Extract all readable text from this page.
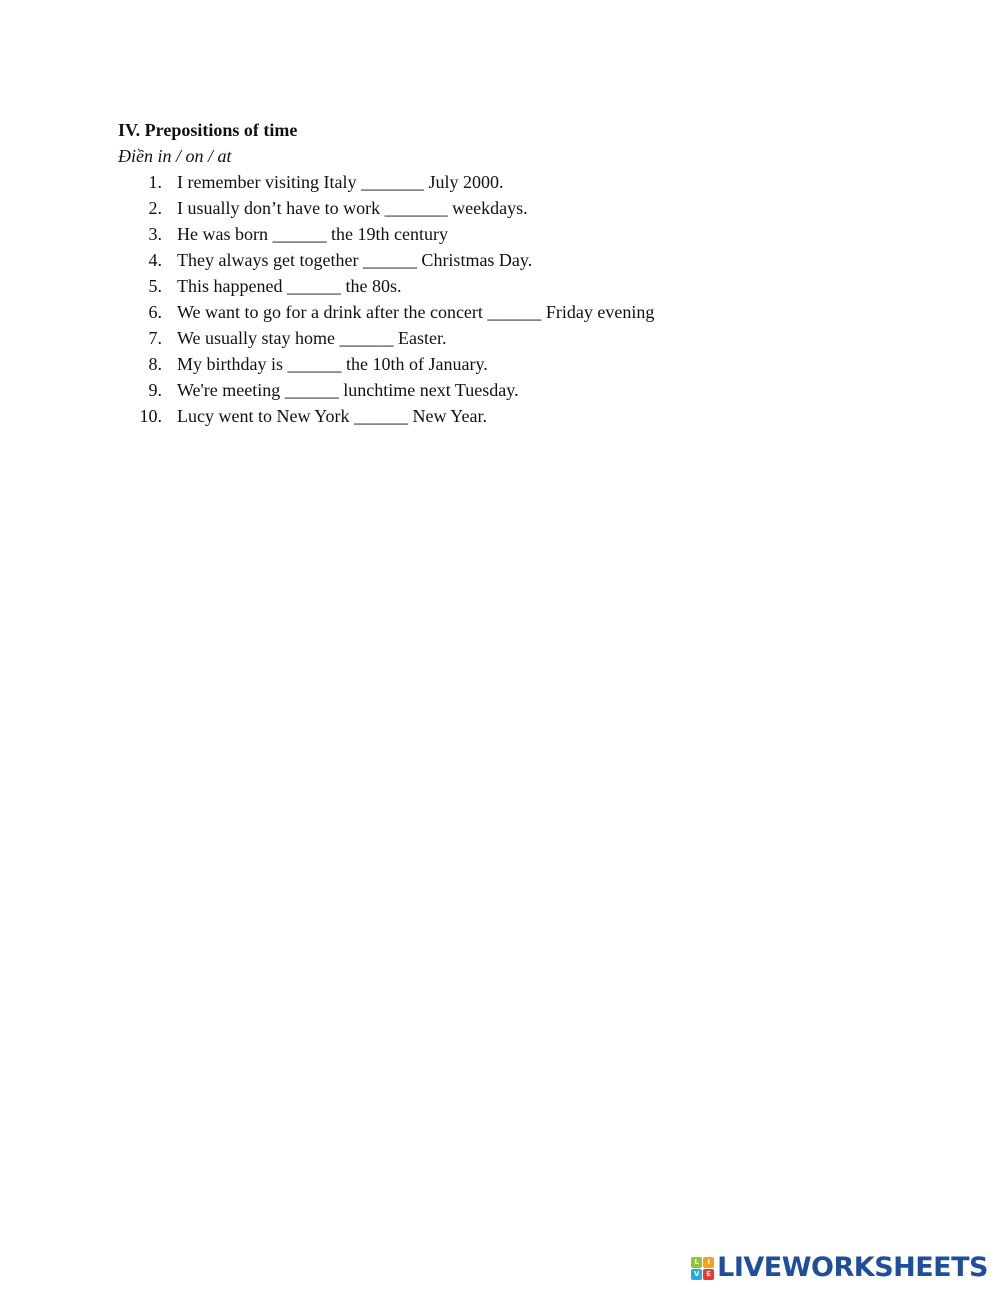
IV. Prepositions of time

Điền in / on / at

1. I remember visiting Italy _______ July 2000.
2. I usually don’t have to work _______ weekdays.
3. He was born ______ the 19th century
4. They always get together ______ Christmas Day.
5. This happened ______ the 80s.
6. We want to go for a drink after the concert ______ Friday evening
7. We usually stay home ______ Easter.
8. My birthday is ______ the 10th of January.
9. We're meeting ______ lunchtime next Tuesday.
10. Lucy went to New York ______ New Year.
L	I
V E LIVEWORKSHEETS
